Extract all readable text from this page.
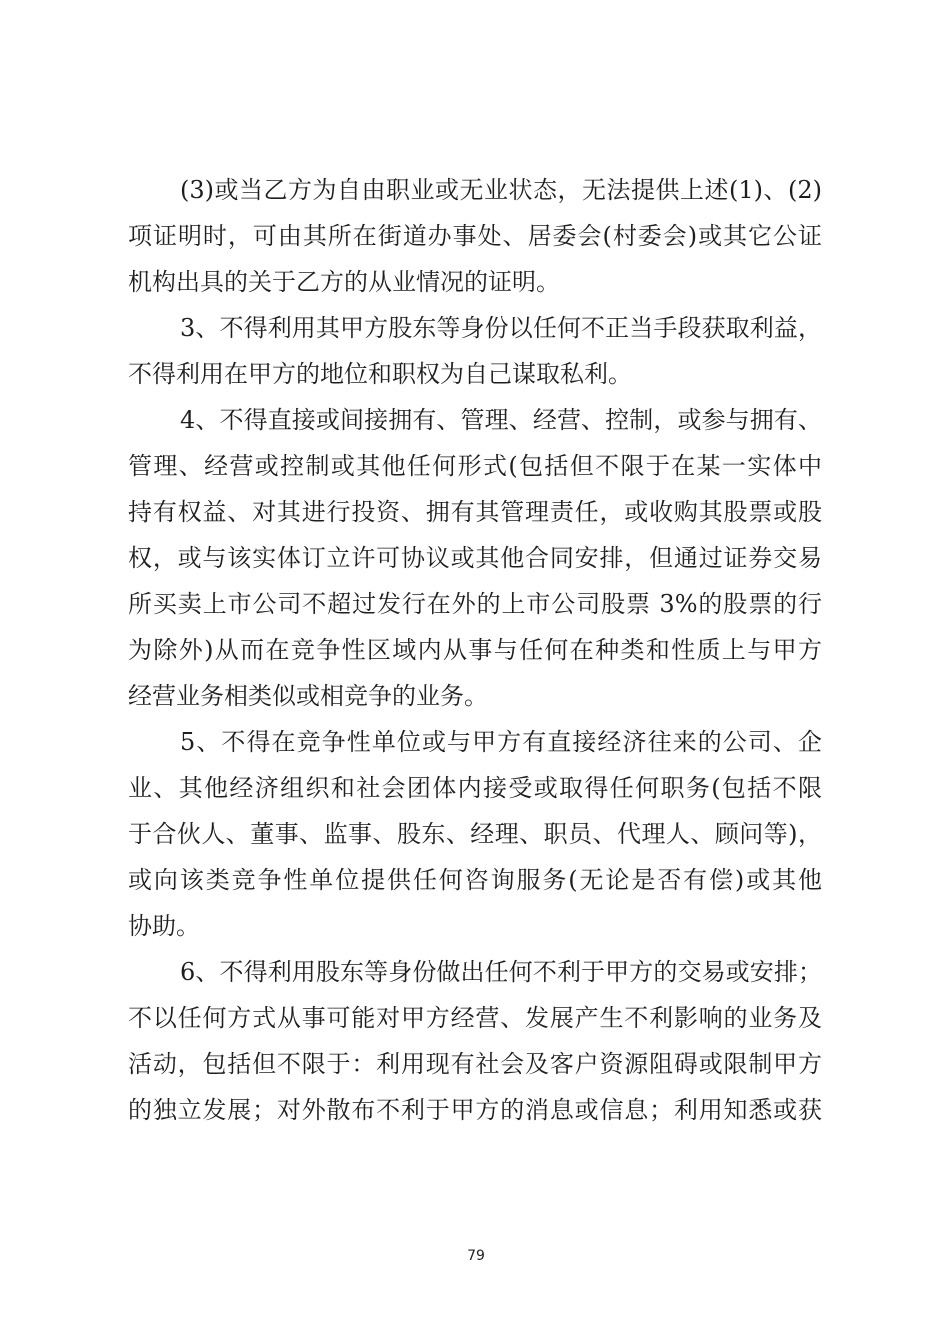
(3)或当乙方为自由职业或无业状态，无法提供上述(1)、(2)
项证明时，可由其所在街道办事处、居委会(村委会)或其它公证
机构出具的关于乙方的从业情况的证明。
3、不得利用其甲方股东等身份以任何不正当手段获取利益，
不得利用在甲方的地位和职权为自己谋取私利。
4、不得直接或间接拥有、管理、经营、控制，或参与拥有、
管理、经营或控制或其他任何形式(包括但不限于在某一实体中
持有权益、对其进行投资、拥有其管理责任，或收购其股票或股
权，或与该实体订立许可协议或其他合同安排，但通过证券交易
所买卖上市公司不超过发行在外的上市公司股票 3%的股票的行
为除外)从而在竞争性区域内从事与任何在种类和性质上与甲方
经营业务相类似或相竞争的业务。
5、不得在竞争性单位或与甲方有直接经济往来的公司、企
业、其他经济组织和社会团体内接受或取得任何职务(包括不限
于合伙人、董事、监事、股东、经理、职员、代理人、顾问等)，
或向该类竞争性单位提供任何咨询服务(无论是否有偿)或其他
协助。
6、不得利用股东等身份做出任何不利于甲方的交易或安排；
不以任何方式从事可能对甲方经营、发展产生不利影响的业务及
活动，包括但不限于：利用现有社会及客户资源阻碍或限制甲方
的独立发展；对外散布不利于甲方的消息或信息；利用知悉或获
79
